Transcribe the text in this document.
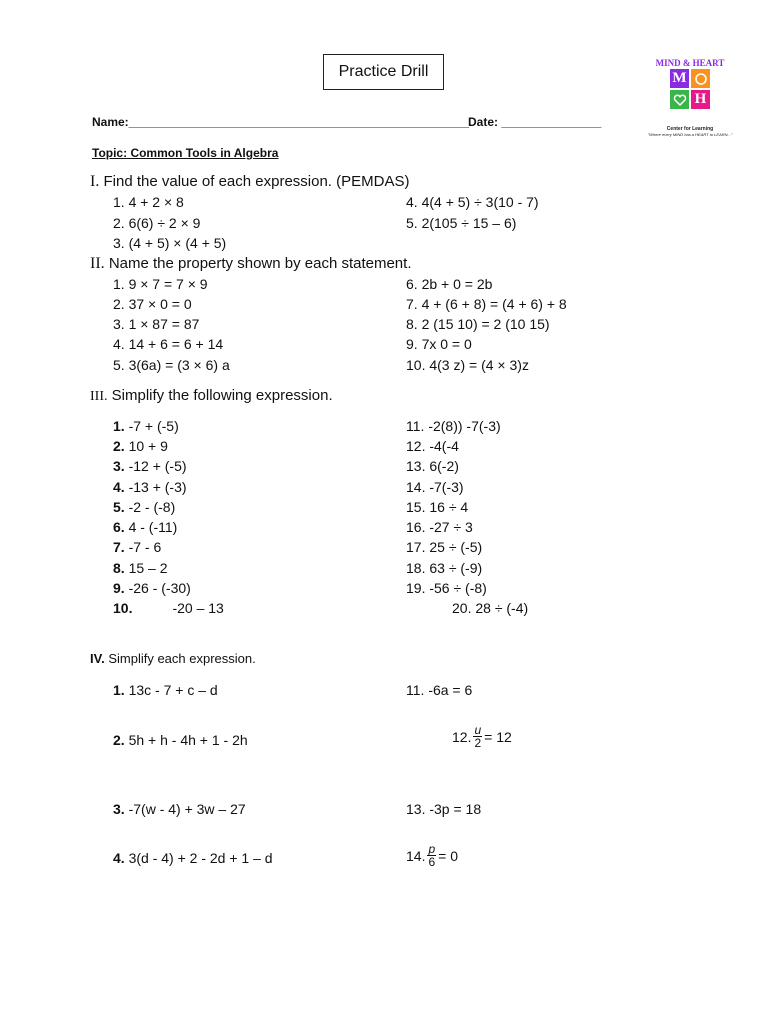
Practice Drill	MIND & HEART
M
H
Center for Learning
"Where every MIND has a HEART to LEARN..."
Name:___________________________________________________
Date: _______________
Topic: Common Tools in Algebra
I. Find the value of each expression. (PEMDAS)
1. 4 + 2 × 8
2. 6(6) ÷ 2 × 9
3. (4 + 5) × (4 + 5)
4. 4(4 + 5) ÷ 3(10 - 7)
5. 2(105 ÷ 15 – 6)
II. Name the property shown by each statement.
1. 9 × 7 = 7 × 9
2. 37 × 0 = 0
3. 1 × 87 = 87
4. 14 + 6 = 6 + 14
5. 3(6a) = (3 × 6) a
6. 2b + 0 = 2b
7. 4 + (6 + 8) = (4 + 6) + 8
8. 2 (15 10) = 2 (10 15)
9. 7x 0 = 0
10. 4(3 z) = (4 × 3)z
III. Simplify the following expression.
1. -7 + (-5)
2. 10 + 9
3. -12 + (-5)
4. -13 + (-3)
5. -2 - (-8)
6. 4 - (-11)
7. -7 - 6
8. 15 – 2
9. -26 - (-30)
10.	-20 – 13
11. -2(8)) -7(-3)
12. -4(-4
13. 6(-2)
14. -7(-3)
15. 16 ÷ 4
16. -27 ÷ 3
17. 25 ÷ (-5)
18. 63 ÷ (-9)
19. -56 ÷ (-8)
20. 28 ÷ (-4)
IV. Simplify each expression.
1. 13c - 7 + c – d
2. 5h + h - 4h + 1 - 2h
3. -7(w - 4) + 3w – 27
4. 3(d - 4) + 2 - 2d + 1 – d
11. -6a = 6
12. $\frac{u}{2} = 12$
13. -3p = 18
14. $\frac{p}{6} = 0$
